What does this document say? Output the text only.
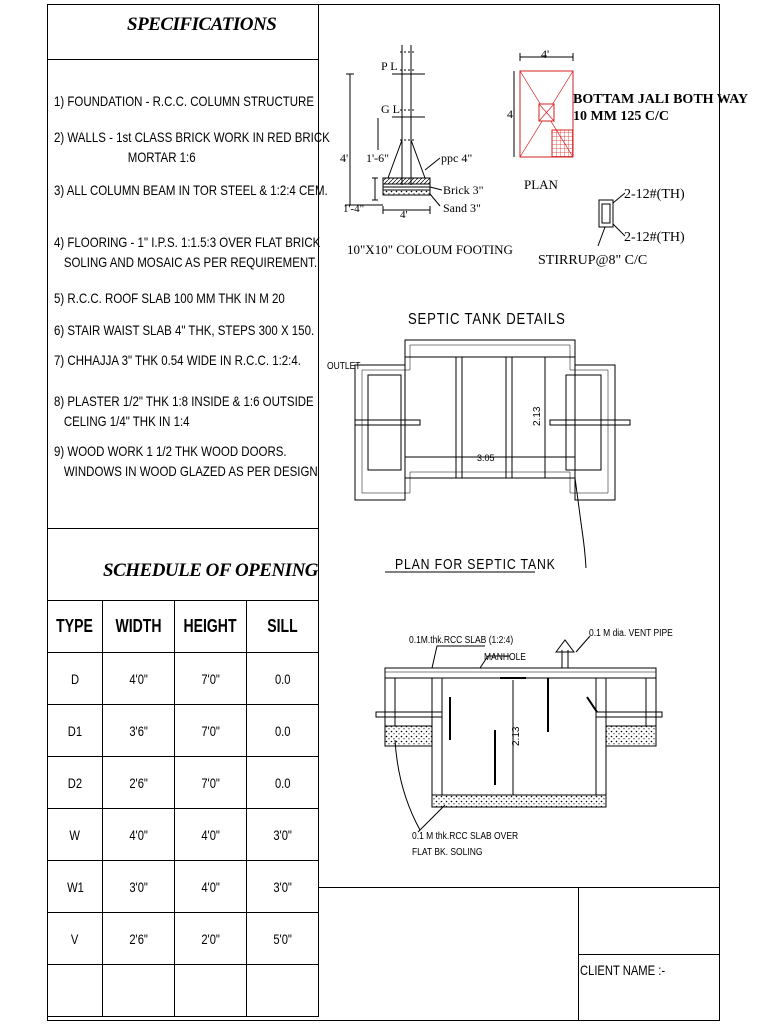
SPECIFICATIONS
1) FOUNDATION - R.C.C. COLUMN STRUCTURE
2) WALLS - 1st CLASS BRICK WORK IN RED BRICK
MORTAR 1:6
3) ALL COLUMN BEAM IN TOR STEEL & 1:2:4 CEM.
4) FLOORING - 1" I.P.S. 1:1.5:3 OVER FLAT BRICK
SOLING AND MOSAIC AS PER REQUIREMENT.
5) R.C.C. ROOF SLAB 100 MM THK IN M 20
6) STAIR WAIST SLAB 4" THK, STEPS 300 X 150.
7) CHHAJJA 3" THK 0.54 WIDE IN R.C.C. 1:2:4.
8) PLASTER 1/2" THK 1:8 INSIDE & 1:6 OUTSIDE
CELING 1/4" THK IN 1:4
9) WOOD WORK 1 1/2 THK WOOD DOORS.
WINDOWS IN WOOD GLAZED AS PER DESIGN
SCHEDULE OF OPENING
TYPE	WIDTH	HEIGHT	SILL
D	4'0"	7'0"	0.0
D1	3'6"	7'0"	0.0
D2	2'6"	7'0"	0.0
W	4'0"	4'0"	3'0"
W1	3'0"	4'0"	3'0"
V	2'6"	2'0"	5'0"

CLIENT NAME :-
P L
G L
4' 1'-6"
1'-4"	4'
ppc 4"
Brick 3"
Sand 3"
10"X10" COLOUM FOOTING
4'
4'
BOTTAM JALI BOTH WAY
10 MM 125 C/C
PLAN
2-12#(TH)
2-12#(TH)
STIRRUP@8" C/C
SEPTIC TANK DETAILS
OUTLET
3.05
2.13
PLAN FOR SEPTIC TANK
0.1M.thk.RCC SLAB (1:2:4)
MANHOLE
0.1 M dia. VENT PIPE
2.13
0.1 M thk.RCC SLAB OVER
FLAT BK. SOLING
